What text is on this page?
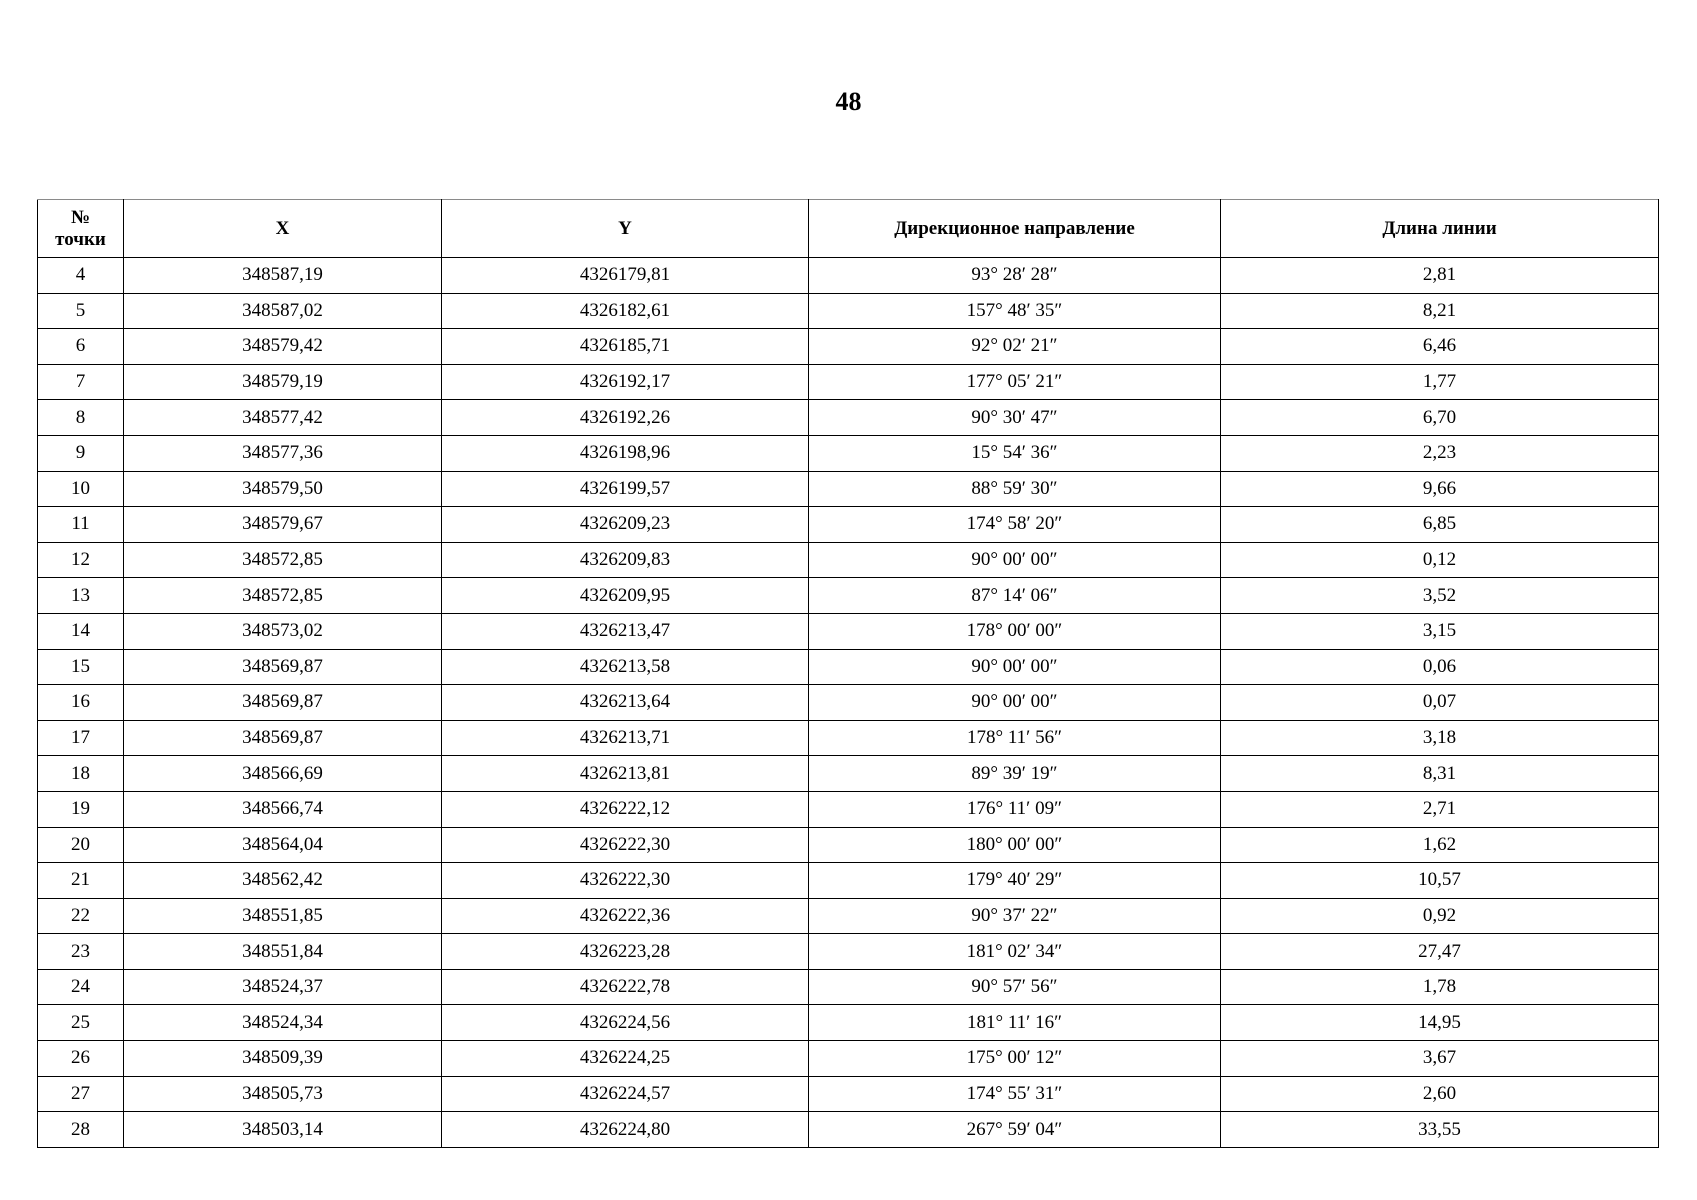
48
№ точки	X	Y	Дирекционное направление	Длина линии
4	348587,19	4326179,81	93° 28′ 28″	2,81
5	348587,02	4326182,61	157° 48′ 35″	8,21
6	348579,42	4326185,71	92° 02′ 21″	6,46
7	348579,19	4326192,17	177° 05′ 21″	1,77
8	348577,42	4326192,26	90° 30′ 47″	6,70
9	348577,36	4326198,96	15° 54′ 36″	2,23
10	348579,50	4326199,57	88° 59′ 30″	9,66
11	348579,67	4326209,23	174° 58′ 20″	6,85
12	348572,85	4326209,83	90° 00′ 00″	0,12
13	348572,85	4326209,95	87° 14′ 06″	3,52
14	348573,02	4326213,47	178° 00′ 00″	3,15
15	348569,87	4326213,58	90° 00′ 00″	0,06
16	348569,87	4326213,64	90° 00′ 00″	0,07
17	348569,87	4326213,71	178° 11′ 56″	3,18
18	348566,69	4326213,81	89° 39′ 19″	8,31
19	348566,74	4326222,12	176° 11′ 09″	2,71
20	348564,04	4326222,30	180° 00′ 00″	1,62
21	348562,42	4326222,30	179° 40′ 29″	10,57
22	348551,85	4326222,36	90° 37′ 22″	0,92
23	348551,84	4326223,28	181° 02′ 34″	27,47
24	348524,37	4326222,78	90° 57′ 56″	1,78
25	348524,34	4326224,56	181° 11′ 16″	14,95
26	348509,39	4326224,25	175° 00′ 12″	3,67
27	348505,73	4326224,57	174° 55′ 31″	2,60
28	348503,14	4326224,80	267° 59′ 04″	33,55
